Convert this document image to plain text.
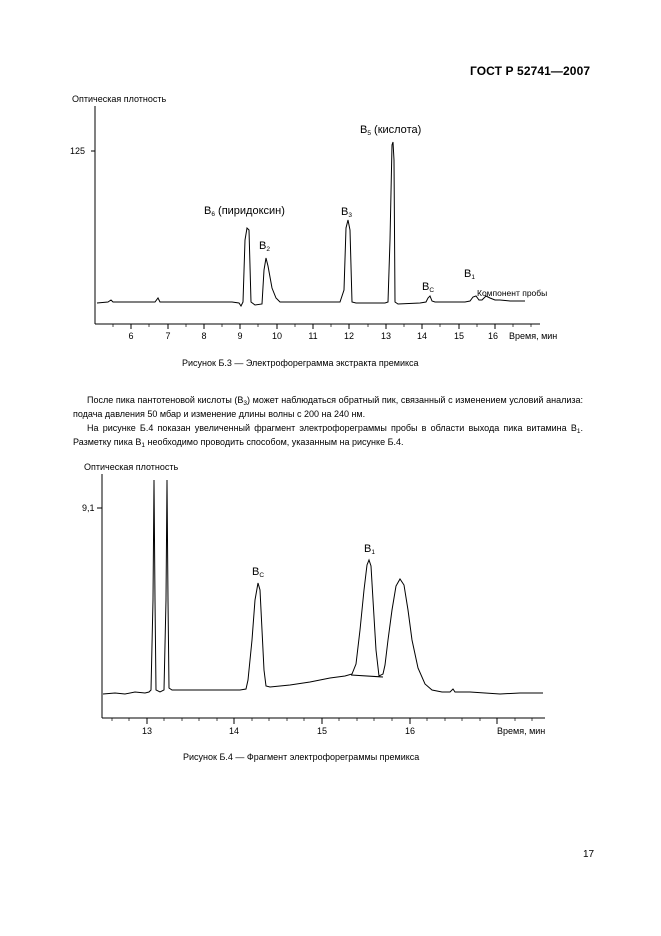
ГОСТ Р 52741—2007
Оптическая плотность
125
6	7	8	9	10	11	12	13	14	15	16 Время, мин
$B_6$ (пиридоксин)
$B_2$
$B_3$
$B_5$ (кислота)
$B_C$
$B_1$
Компонент пробы
Рисунок Б.3 — Электрофореграмма экстракта премикса
После пика пантотеновой кислоты $(B_3)$ может наблюдаться обратный пик, связанный с изменением условий анализа: подача давления 50 мбар и изменение длины волны с 200 на 240 нм.
На рисунке Б.4 показан увеличенный фрагмент электрофореграммы пробы в области выхода пика витамина $B_1$. Разметку пика $B_1$ необходимо проводить способом, указанным на рисунке Б.4.
Оптическая плотность
9,1
13	14	15	16	Время, мин
$B_C$
$B_1$
Рисунок Б.4 — Фрагмент электрофореграммы премикса
17
